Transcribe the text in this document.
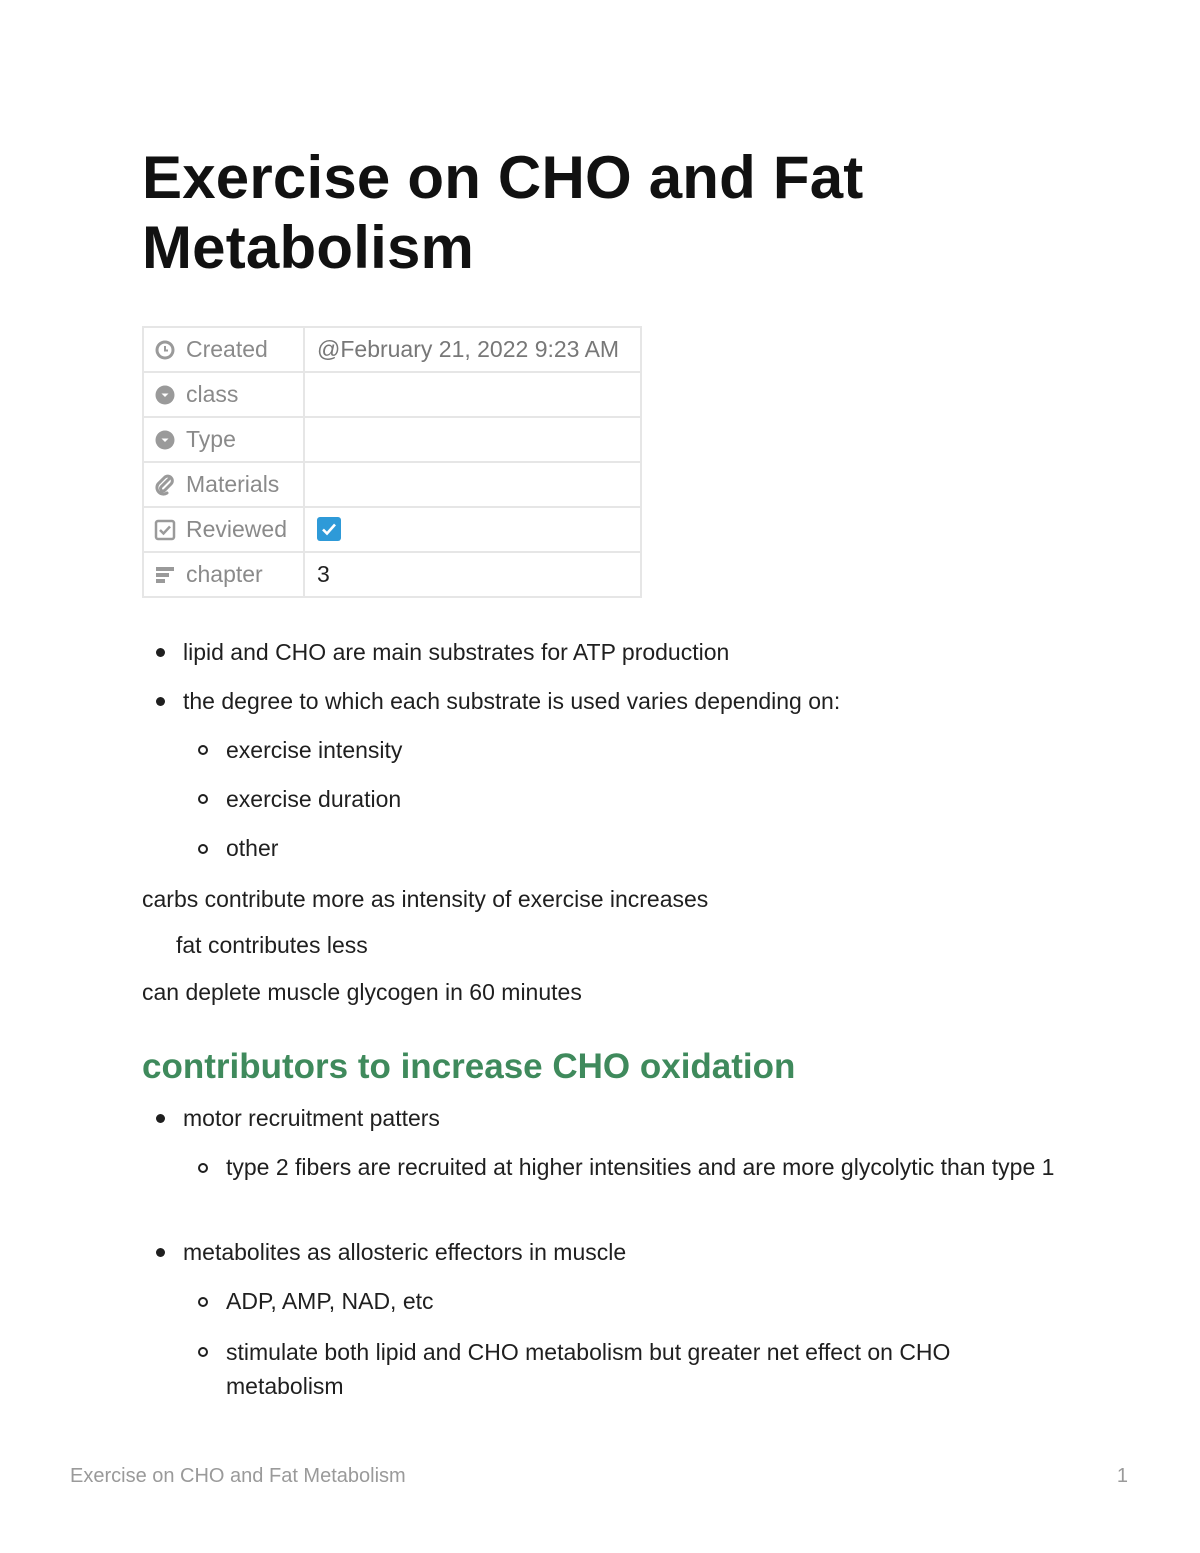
Exercise on CHO and Fat Metabolism
Created	@February 21, 2022 9:23 AM
class	
Type	
Materials	
Reviewed	

chapter	3
lipid and CHO are main substrates for ATP production
the degree to which each substrate is used varies depending on:
exercise intensity
exercise duration
other
carbs contribute more as intensity of exercise increases
fat contributes less
can deplete muscle glycogen in 60 minutes
contributors to increase CHO oxidation
motor recruitment patters
type 2 fibers are recruited at higher intensities and are more glycolytic than type 1
metabolites as allosteric effectors in muscle
ADP, AMP, NAD, etc
stimulate both lipid and CHO metabolism but greater net effect on CHO metabolism
Exercise on CHO and Fat Metabolism	1
